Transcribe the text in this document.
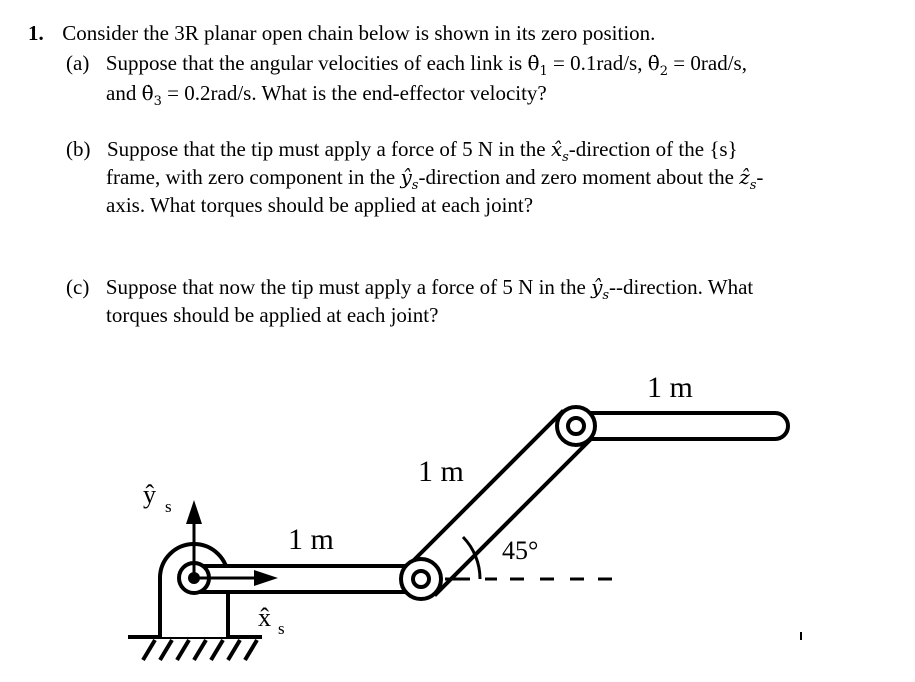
1. Consider the 3R planar open chain below is shown in its zero position.
(a) Suppose that the angular velocities of each link is $\thetȧ_1 = 0.1rad/s$, $\thetȧ_2 = 0rad/s$,
and $\thetȧ_3 = 0.2rad/s$. What is the end-effector velocity?
(b) Suppose that the tip must apply a force of 5 N in the $x̂_s$-direction of the {s}
frame, with zero component in the $ŷ_s$-direction and zero moment about the ẑ$_s$-
axis. What torques should be applied at each joint?
(c) Suppose that now the tip must apply a force of 5 N in the $ŷ_s-$-direction. What
torques should be applied at each joint?
1 m
1 m
1 m
45°
ŷ s
x̂ s
